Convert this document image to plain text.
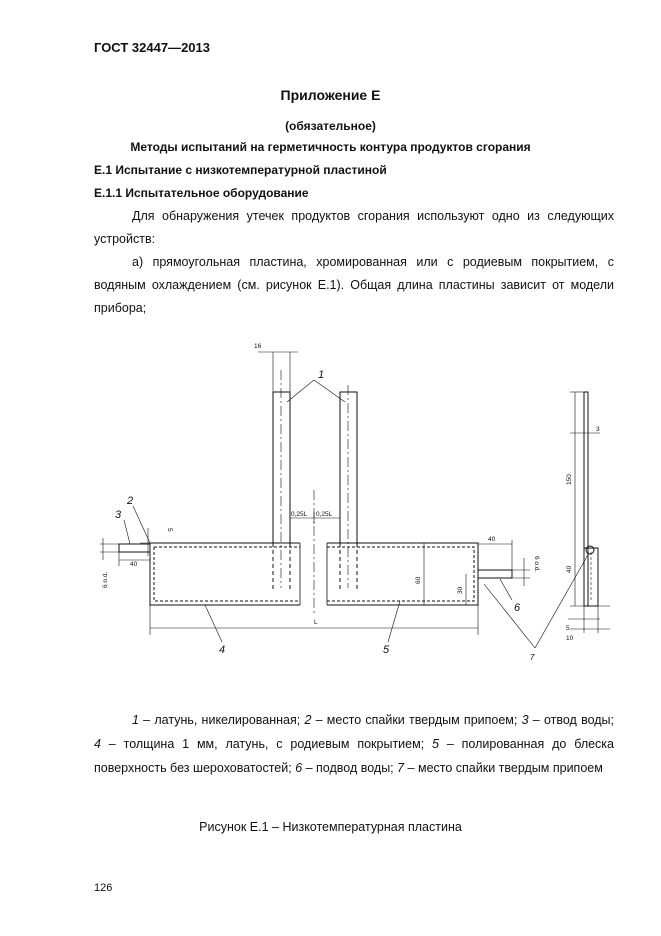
ГОСТ 32447—2013
Приложение Е
(обязательное)
Методы испытаний на герметичность контура продуктов сгорания
Е.1 Испытание с низкотемпературной пластиной
Е.1.1 Испытательное оборудование
Для обнаружения утечек продуктов сгорания используют одно из следующих устройств:
а) прямоугольная пластина, хромированная или с родиевым покрытием, с водяным охлаждением (см. рисунок Е.1). Общая длина пластины зависит от модели прибора;
16
0,25L 0,25L
40
40
L
5
10
3
5
6 o.d.
6 o.d.
60
30
150
40
1
2
3
4	5
6
7
1 – латунь, никелированная; 2 – место спайки твердым припоем; 3 – отвод воды; 4 – толщина 1 мм, латунь, с родиевым покрытием; 5 – полированная до блеска поверхность без шероховатостей; 6 – подвод воды; 7 – место спайки твердым припоем
Рисунок Е.1 – Низкотемпературная пластина
126
